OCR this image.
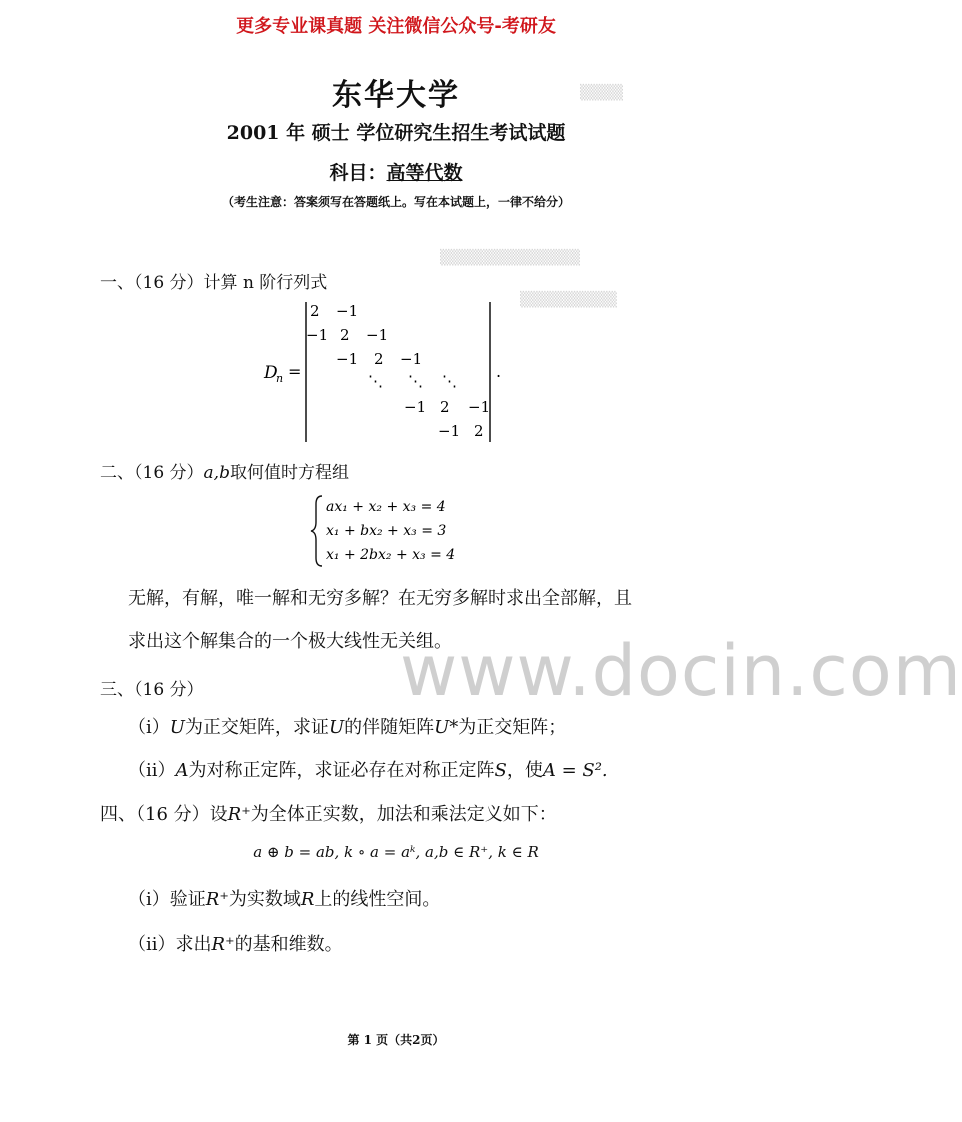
更多专业课真题 关注微信公众号-考研友
东华大学
2001 年 硕士 学位研究生招生考试试题
科目：高等代数
（考生注意：答案须写在答题纸上。写在本试题上，一律不给分）
▒▒▒▒
▒▒▒▒▒▒▒▒▒▒▒▒▒
▒▒▒▒▒▒▒▒▒
一、（16 分）计算 n 阶行列式
D
n =	.
2 −1
−1 2 −1
−1 2 −1
⋱ ⋱ ⋱
−1 2 −1
−1 2
二、（16 分）a,b取何值时方程组
ax₁ + x₂ + x₃ = 4
x₁ + bx₂ + x₃ = 3
x₁ + 2bx₂ + x₃ = 4
无解，有解，唯一解和无穷多解？在无穷多解时求出全部解，且
求出这个解集合的一个极大线性无关组。
www.docin.com
三、（16 分）
（i）U为正交矩阵，求证U的伴随矩阵U*为正交矩阵；
（ii）A为对称正定阵，求证必存在对称正定阵S，使A = S².
四、（16 分）设R⁺为全体正实数，加法和乘法定义如下：
a ⊕ b = ab, k ∘ a = aᵏ, a,b ∈ R⁺, k ∈ R
（i）验证R⁺为实数域R上的线性空间。
（ii）求出R⁺的基和维数。
第 1 页（共2页）
